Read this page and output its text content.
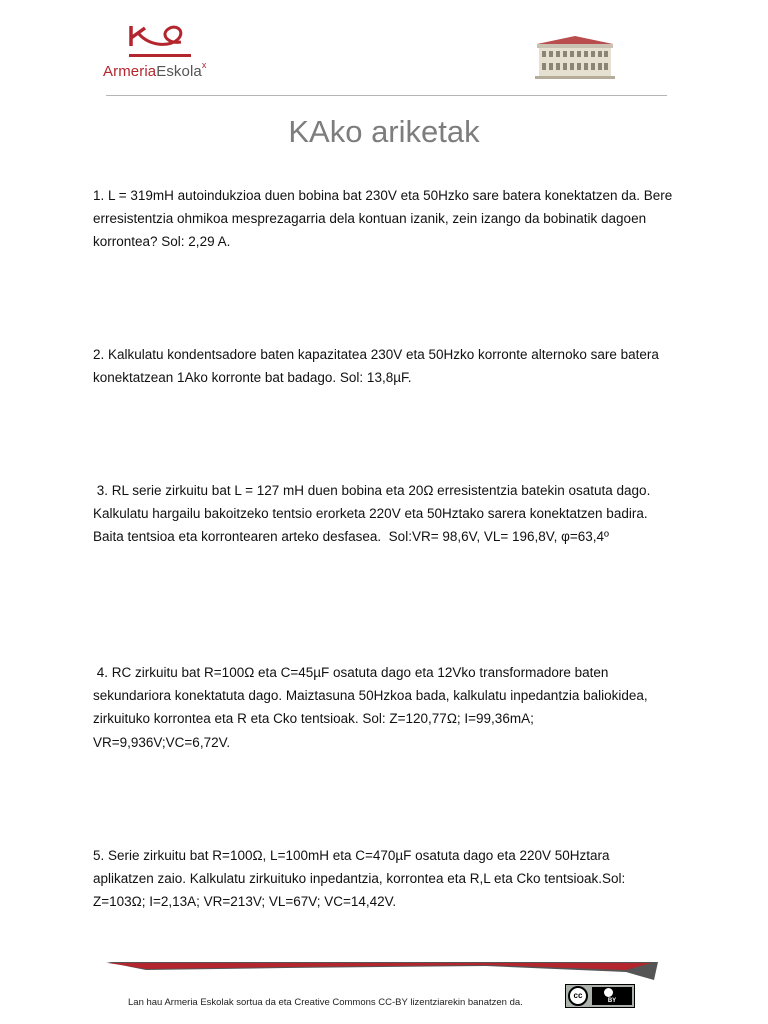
ArmeriaEskola$^x$
KAko ariketak

1. L = 319mH autoindukzioa duen bobina bat 230V eta 50Hzko sare batera konektatzen da. Bere erresistentzia ohmikoa mesprezagarria dela kontuan izanik, zein izango da bobinatik dagoen korrontea? Sol: 2,29 A.

2. Kalkulatu kondentsadore baten kapazitatea 230V eta 50Hzko korronte alternoko sare batera konektatzean 1Ako korronte bat badago. Sol: 13,8µF.

3. RL serie zirkuitu bat L = 127 mH duen bobina eta 20Ω erresistentzia batekin osatuta dago. Kalkulatu hargailu bakoitzeko tentsio erorketa 220V eta 50Hztako sarera konektatzen badira. Baita tentsioa eta korrontearen arteko desfasea.  Sol:VR= 98,6V, VL= 196,8V, φ=63,4º

4. RC zirkuitu bat R=100Ω eta C=45µF osatuta dago eta 12Vko transformadore baten sekundariora konektatuta dago. Maiztasuna 50Hzkoa bada, kalkulatu inpedantzia baliokidea, zirkuituko korrontea eta R eta Cko tentsioak. Sol: Z=120,77Ω; I=99,36mA; VR=9,936V;VC=6,72V.

5. Serie zirkuitu bat R=100Ω, L=100mH eta C=470µF osatuta dago eta 220V 50Hztara aplikatzen zaio. Kalkulatu zirkuituko inpedantzia, korrontea eta R,L eta Cko tentsioak.Sol: Z=103Ω; I=2,13A; VR=213V; VL=67V; VC=14,42V.

Lan hau Armeria Eskolak sortua da eta Creative Commons CC-BY lizentziarekin banatzen da.
cc
BY
